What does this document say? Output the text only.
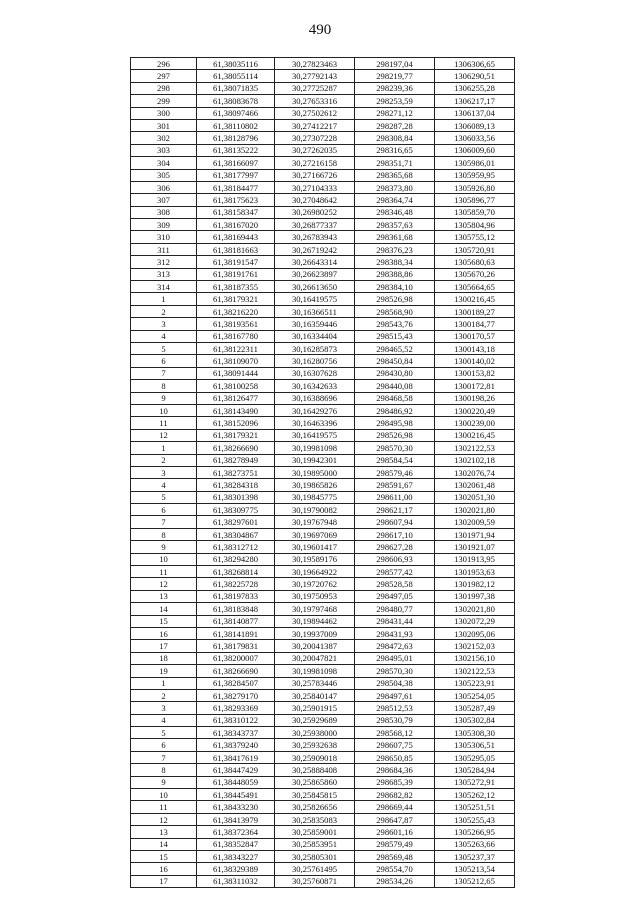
490
296	61,38035116	30,27823463	298197,04	1306306,65
297	61,38055114	30,27792143	298219,77	1306290,51
298	61,38071835	30,27725287	298239,36	1306255,28
299	61,38083678	30,27653316	298253,59	1306217,17
300	61,38097466	30,27502612	298271,12	1306137,04
301	61,38110802	30,27412217	298287,28	1306089,13
302	61,38128796	30,27307228	298308,84	1306033,56
303	61,38135222	30,27262035	298316,65	1306009,60
304	61,38166097	30,27216158	298351,71	1305986,01
305	61,38177997	30,27166726	298365,68	1305959,95
306	61,38184477	30,27104333	298373,80	1305926,80
307	61,38175623	30,27048642	298364,74	1305896,77
308	61,38158347	30,26980252	298346,48	1305859,70
309	61,38167020	30,26877337	298357,63	1305804,96
310	61,38169443	30,26783943	298361,68	1305755,12
311	61,38181663	30,26719242	298376,23	1305720,91
312	61,38191547	30,26643314	298388,34	1305680,63
313	61,38191761	30,26623897	298388,86	1305670,26
314	61,38187355	30,26613650	298384,10	1305664,65
1	61,38179321	30,16419575	298526,98	1300216,45
2	61,38216220	30,16366511	298568,90	1300189,27
3	61,38193561	30,16359446	298543,76	1300184,77
4	61,38167780	30,16334404	298515,43	1300170,57
5	61,38122311	30,16285873	298465,52	1300143,18
6	61,38109070	30,16280756	298450,84	1300140,02
7	61,38091444	30,16307628	298430,80	1300153,82
8	61,38100258	30,16342633	298440,08	1300172,81
9	61,38126477	30,16388696	298468,58	1300198,26
10	61,38143490	30,16429276	298486,92	1300220,49
11	61,38152096	30,16463396	298495,98	1300239,00
12	61,38179321	30,16419575	298526,98	1300216,45
1	61,38266690	30,19981098	298570,30	1302122,53
2	61,38278949	30,19942301	298584,54	1302102,18
3	61,38273751	30,19895000	298579,46	1302076,74
4	61,38284318	30,19865826	298591,67	1302061,48
5	61,38301398	30,19845775	298611,00	1302051,30
6	61,38309775	30,19790082	298621,17	1302021,80
7	61,38297601	30,19767948	298607,94	1302009,59
8	61,38304867	30,19697069	298617,10	1301971,94
9	61,38312712	30,19601417	298627,28	1301921,07
10	61,38294280	30,19589176	298606,93	1301913,95
11	61,38268814	30,19664922	298577,42	1301953,63
12	61,38225728	30,19720762	298528,58	1301982,12
13	61,38197833	30,19750953	298497,05	1301997,38
14	61,38183848	30,19797468	298480,77	1302021,80
15	61,38140877	30,19894462	298431,44	1302072,29
16	61,38141891	30,19937009	298431,93	1302095,06
17	61,38179831	30,20041387	298472,63	1302152,03
18	61,38200007	30,20047821	298495,01	1302156,10
19	61,38266690	30,19981098	298570,30	1302122,53
1	61,38284507	30,25783446	298504,38	1305223,91
2	61,38279170	30,25840147	298497,61	1305254,05
3	61,38293369	30,25901915	298512,53	1305287,49
4	61,38310122	30,25929689	298530,79	1305302,84
5	61,38343737	30,25938000	298568,12	1305308,30
6	61,38379240	30,25932638	298607,75	1305306,51
7	61,38417619	30,25909018	298650,85	1305295,05
8	61,38447429	30,25888408	298684,36	1305284,94
9	61,38448059	30,25865860	298685,39	1305272,91
10	61,38445491	30,25845815	298682,82	1305262,12
11	61,38433230	30,25826656	298669,44	1305251,51
12	61,38413979	30,25835083	298647,87	1305255,43
13	61,38372364	30,25859001	298601,16	1305266,95
14	61,38352847	30,25853951	298579,49	1305263,66
15	61,38343227	30,25805301	298569,48	1305237,37
16	61,38329389	30,25761495	298554,70	1305213,54
17	61,38311032	30,25760871	298534,26	1305212,65
